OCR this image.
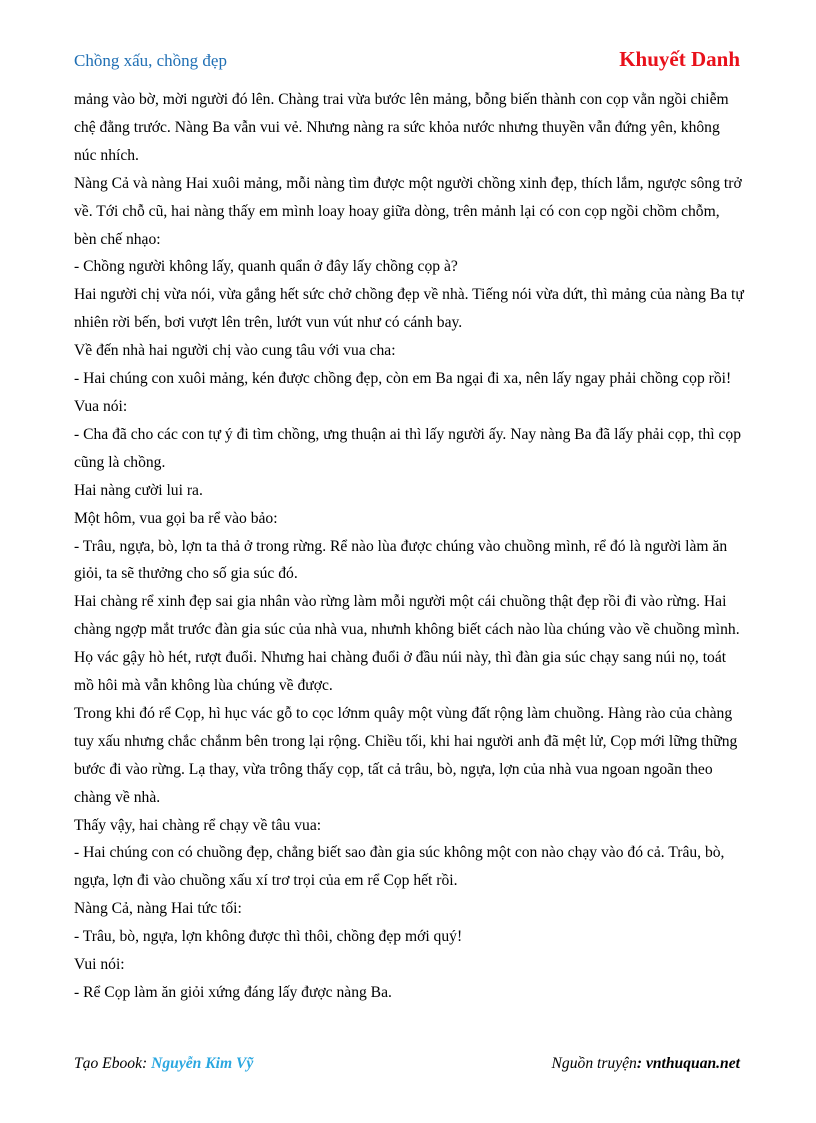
Chồng xấu, chồng đẹp	Khuyết Danh

mảng vào bờ, mời người đó lên. Chàng trai vừa bước lên mảng, bỗng biến thành con cọp vằn ngồi chiễm chệ đằng trước. Nàng Ba vẫn vui vẻ. Nhưng nàng ra sức khỏa nước nhưng thuyền vẫn đứng yên, không núc nhích.

Nàng Cả và nàng Hai xuôi mảng, mỗi nàng tìm được một người chồng xinh đẹp, thích lắm, ngược sông trở về. Tới chỗ cũ, hai nàng thấy em mình loay hoay giữa dòng, trên mảnh lại có con cọp ngồi chồm chỗm, bèn chế nhạo:

- Chồng người không lấy, quanh quẩn ở đây lấy chồng cọp à?

Hai người chị vừa nói, vừa gắng hết sức chở chồng đẹp về nhà. Tiếng nói vừa dứt, thì mảng của nàng Ba tự nhiên rời bến, bơi vượt lên trên, lướt vun vút như có cánh bay.

Về đến nhà hai người chị vào cung tâu với vua cha:

- Hai chúng con xuôi mảng, kén được chồng đẹp, còn em Ba ngại đi xa, nên lấy ngay phải chồng cọp rồi!

Vua nói:

- Cha đã cho các con tự ý đi tìm chồng, ưng thuận ai thì lấy người ấy. Nay nàng Ba đã lấy phải cọp, thì cọp cũng là chồng.

Hai nàng cười lui ra.

Một hôm, vua gọi ba rể vào bảo:

- Trâu, ngựa, bò, lợn ta thả ở trong rừng. Rể nào lùa được chúng vào chuồng mình, rể đó là người làm ăn giỏi, ta sẽ thưởng cho số gia súc đó.

Hai chàng rể xinh đẹp sai gia nhân vào rừng làm mỗi người một cái chuồng thật đẹp rồi đi vào rừng. Hai chàng ngợp mắt trước đàn gia súc của nhà vua, nhưnh không biết cách nào lùa chúng vào về chuồng mình. Họ vác gậy hò hét, rượt đuổi. Nhưng hai chàng đuổi ở đầu núi này, thì đàn gia súc chạy sang núi nọ, toát mồ hôi mà vẫn không lùa chúng về được.

Trong khi đó rể Cọp, hì hục vác gỗ to cọc lớnm quây một vùng đất rộng làm chuồng. Hàng rào của chàng tuy xấu nhưng chắc chắnm bên trong lại rộng. Chiều tối, khi hai người anh đã mệt lử, Cọp mới lững thững bước đi vào rừng. Lạ thay, vừa trông thấy cọp, tất cả trâu, bò, ngựa, lợn của nhà vua ngoan ngoãn theo chàng về nhà.

Thấy vậy, hai chàng rể chạy về tâu vua:

- Hai chúng con có chuồng đẹp, chẳng biết sao đàn gia súc không một con nào chạy vào đó cả. Trâu, bò, ngựa, lợn đi vào chuồng xấu xí trơ trọi của em rể Cọp hết rồi.

Nàng Cả, nàng Hai tức tối:

- Trâu, bò, ngựa, lợn không được thì thôi, chồng đẹp mới quý!

Vui nói:

- Rể Cọp làm ăn giỏi xứng đáng lấy được nàng Ba.

Tạo Ebook: Nguyễn Kim Vỹ	Nguồn truyện: vnthuquan.net
